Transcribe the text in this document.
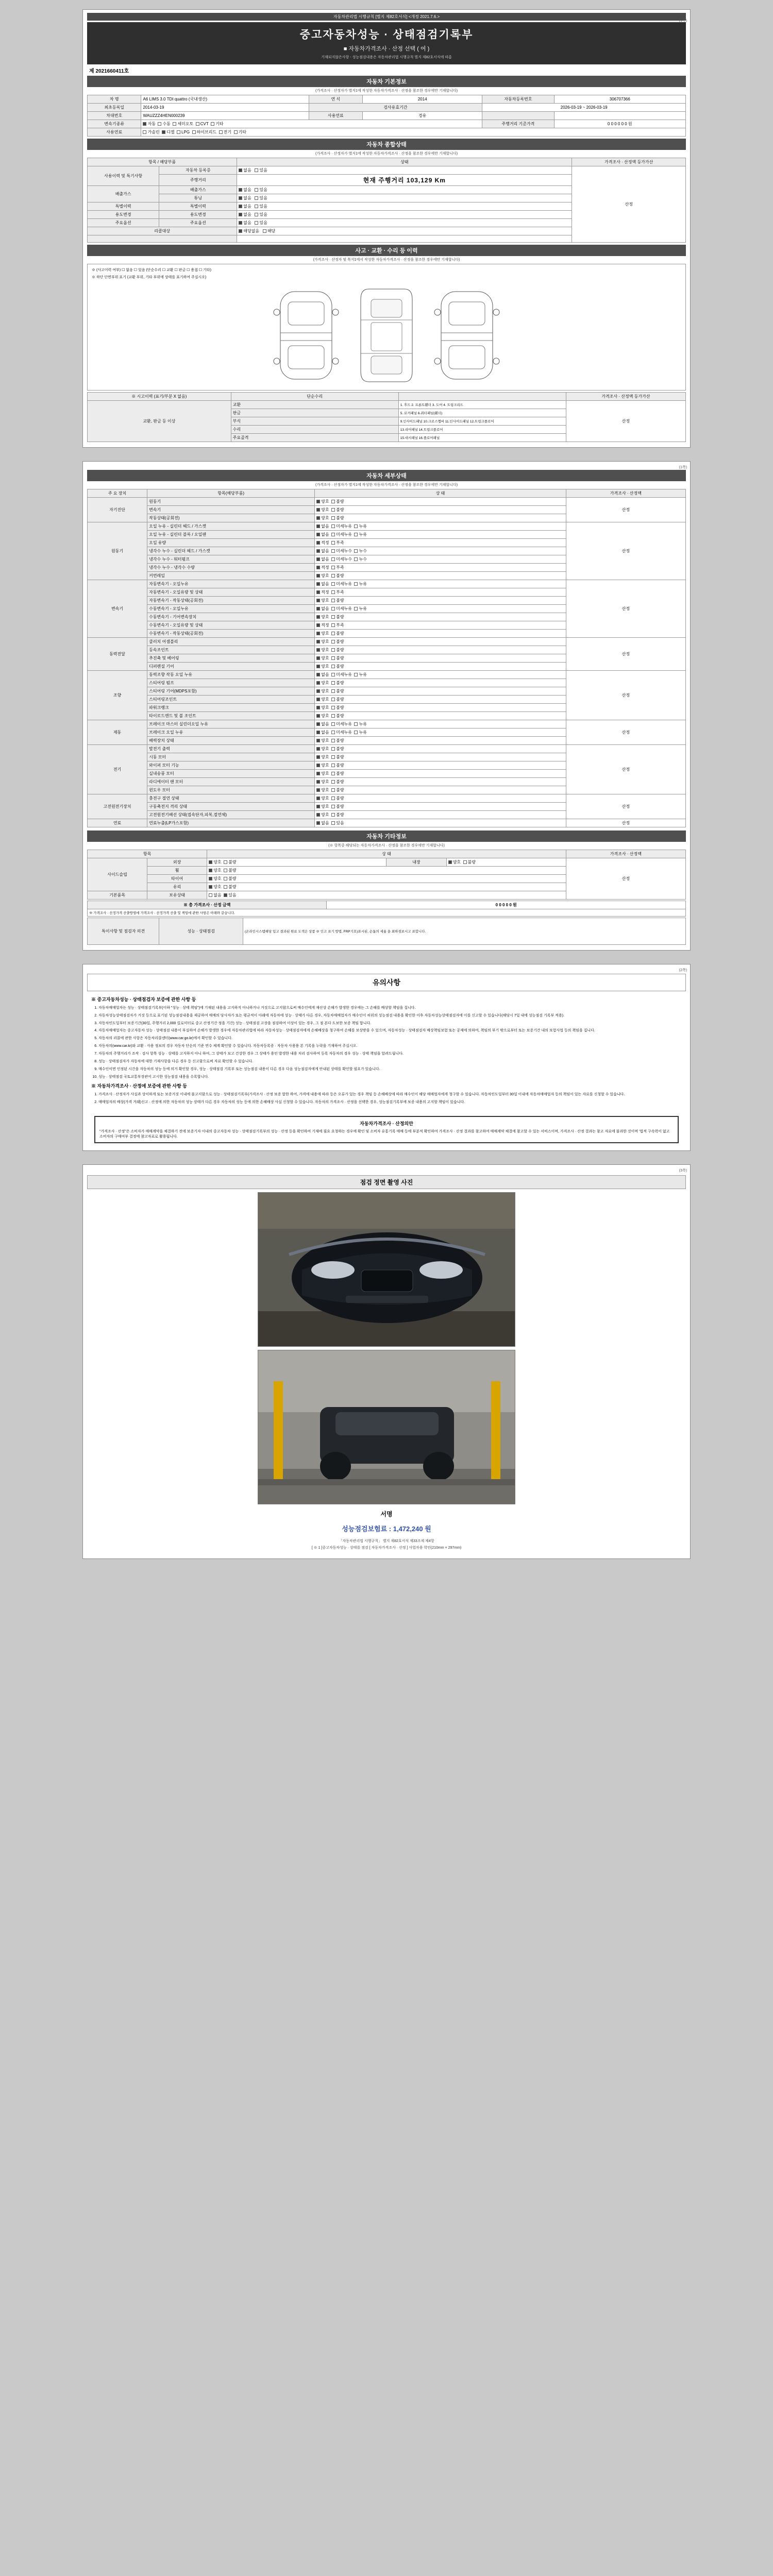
자동차관리법 시행규칙 [별지 제82호서식] <개정 2021.7.6.>
(1쪽)
중고자동차성능 · 상태점검기록부
■ 자동차가격조사 · 산정 선택 ( 여 )
기재되지않은사항 - 성능점검내용은 자동차관리법 시행규칙 별지 제82호서식에 따름
제 2021660411호
자동차 기본정보
(가격조사 · 산정자가 별지1에 작성한 자동차가격조사 · 산정을 참조한 경우에만 기재합니다)
차 명	A6 LIMS 3.0 TDI quattro (국내생산)	연 식	2014	자동차등록번호	306707366
최초등록일	2014-03-19	검사유효기간		2026-03-19 ~ 2026-03-19	
차대번호	WAUZZZ4HEN000239	사용연료	경유		
변속기종류	자동 수동 세미오토 CVT 기타			주행거리 기준가격	0 0 0 0 0 0 원
사용연료	가솔린 디젤 LPG 하이브리드 전기 기타				
자동차 종합상태
(가격조사 · 산정자가 별지1에 작성한 자동차가격조사 · 산정을 참조한 경우에만 기재합니다)
항목 / 해당부품		상태	가격조사 · 산정액 등가가산
사용이력 및 특기사항	자동차 등록증	없음 있음	산정
	주행거리	현재 주행거리 103,129 Km	
배출가스	배출가스	없음 있음	
	튜닝	없음 있음	
특별이력	특별이력	없음 있음	
용도변경	용도변경	없음 있음	
주요옵션	주요옵션	없음 있음	
리콜대상		해당없음 해당	

사고 · 교환 · 수리 등 이력
(가격조사 · 산정자 및 목지1에서 작성한 자동차가격조사 · 산정을 참조한 경우에만 기재합니다)
※ (사고이력 여부) ☐ 없음 ☐ 있음 (단순수리 ☐ 교환 ☐ 판금 ☐ 용접 ☐ 기타)
※ 하단 단면부위 표기 (교환 부위, 기타 부위에 상태를 표기하여 주십시오)
※ 시고이력 (표기/부분 X 없음)	단순수리		가격조사 · 산정액 등가가산
교환, 판금 등 이상	교환	1. 후드 2. 프론트휀더 3. 도어 4. 트렁크리드	산정
	판금	5. 로커패널 6.쿼터패널(휀더)	
	부식	9.인사이드패널 10.크로스멤버 11.인사이드패널 12.트렁크플로어	
	수리	13.리어패널 14.트렁크플로어	
	주요골격	15.대시패널 16.플로어패널	
(1쪽)
자동차 세부상태
(가격조사 · 산정자가 별지1에 작성한 자동차가격조사 · 산정을 참조한 경우에만 기재합니다)
주 요 장치	항목(해당부품)	상 태	가격조사 · 산정액
자기진단	원동기	양호 불량	산정
	변속기	양호 불량	
	작동상태(공회전)	양호 불량	
원동기	오일 누유 - 실린더 헤드 / 가스켓	없음 미세누유 누유	산정
	오일 누유 - 실린더 블록 / 오일팬	없음 미세누유 누유	
	오일 유량	적정 부족	
	냉각수 누수 - 실린더 헤드 / 가스켓	없음 미세누수 누수	
	냉각수 누수 - 워터펌프	없음 미세누수 누수	
	냉각수 누수 - 냉각수 수량	적정 부족	
	커먼레일	양호 불량	
변속기	자동변속기 - 오일누유	없음 미세누유 누유	산정
	자동변속기 - 오일유량 및 상태	적정 부족	
	자동변속기 - 작동상태(공회전)	양호 불량	
	수동변속기 - 오일누유	없음 미세누유 누유	
	수동변속기 - 기어변속장치	양호 불량	
	수동변속기 - 오일유량 및 상태	적정 부족	
	수동변속기 - 작동상태(공회전)	양호 불량	
동력전달	클러치 어셈블리	양호 불량	산정
	등속조인트	양호 불량	
	추진축 및 베어링	양호 불량	
	디퍼렌셜 기어	양호 불량	
조향	동력조향 작동 오일 누유	없음 미세누유 누유	산정
	스티어링 펌프	양호 불량	
	스티어링 기어(MDPS포함)	양호 불량	
	스티어링조인트	양호 불량	
	파워크랭크	양호 불량	
	타이로드엔드 및 볼 조인트	양호 불량	
제동	브레이크 마스터 실린더오일 누유	없음 미세누유 누유	산정
	브레이크 오일 누유	없음 미세누유 누유	
	배력장치 상태	양호 불량	
전기	발전기 출력	양호 불량	산정
	시동 모터	양호 불량	
	와이퍼 모터 기능	양호 불량	
	실내송풍 모터	양호 불량	
	라디에이터 팬 모터	양호 불량	
	윈도우 모터	양호 불량	
고전원전기장치	충전구 절연 상태	양호 불량	산정
	구동축전지 격리 상태	양호 불량	
	고전원전기배선 상태(접속단자,피복,절연체)	양호 불량	
연료	연료누출(LP가스포함)	없음 있음	산정
자동차 기타정보
(※ 항목중 해당되는 자동차가격조사 · 산정을 참조한 경우에만 기재합니다)
항목		상 태			가격조사 · 산정액
사이드슬립	외장	양호 불량	내장	양호 불량	산정
	휠	양호 불량			
	타이어	양호 불량			
	유리	양호 불량			
기본품목	보유상태	없음 있음			
※ 총 가격조사 · 산정 금액	0 0 0 0 0 원
※ 가격조사 · 산정가격 산출방법에 가격조사 · 산정가격 산출 및 책임에 관한 사항은 아래와 같습니다.
특이사항 및 점검자 의견	성능 · 상태점검	(온라인시스템해당 입고 결과된 원료 도색은 상품 ※ 인고 표기 방법, FRP기호)표시된, 손톱의 세율 을 최하점보시고 표합니다.
(2쪽)
유의사항
※ 중고자동차성능 · 상태점검자 보증에 관한 사항 등
1. 자동차매매업자는 성능 · 상태점검기록부(이하 "성능 · 상태 책임")에 기재된 내용을 고지하지 아니하거나 거짓으로 고지함으로써 매수인에게 재산상 손해가 발생한 경우에는 그 손해를 배상할 책임을 집니다.
2. 자동차성능상태점검자가 거짓 등으로 표기된 성능점검내용을 제공하여 매매의 당사자가 또는 평균적이 아래에 자동차에 성능 · 상태가 다른 경우, 자동차매매업자가 매수인이 허위의 성능점검 내용을 확인한 이후 자동차성능상태점검자에 이를 신고할 수 있습니다(해당시 7일 내에 성능점검 기록부 적용).
3. 자동차인도일부터 보증기간(30일, 주행거리 2,000 킬로미터로 중고 산정기간 정을 기간) 성능 · 상태점검 고장을 점검하여 이상이 있는 경우, 그 점 본다 도보한 보증 책임 합니다.
4. 자동차매매업자는 중고자동차 성능 · 상태점검 내용이 부실하여 손해가 발생한 경우에 자동차관리법에 따라 자동차성능 · 상태점검자에게 손해배상을 청구하여 손해를 보상받을 수 있으며, 자동차성능 · 상태점검자 배상책임보험 또는 공제에 의하여, 책임의 부기 밖으로부터 또는 보증기간 내의 보험사업 등의 책임을 집니다.
5. 자동차의 리콜에 관한 사항은 자동차리콜센터(www.car.go.kr)에서 확인할 수 있습니다.
6. 자동차의(www.car.kr)와 교환 · 사용 정보의 경우 자동차 단순의 기준 연수 체계 확인할 수 있습니다. 자동차등록증 · 자동차 사용용 본 기록을 누락을 기재하여 주십시오.
7. 자동차의 주행거리가 조작 · 검사 항목 성능 · 상태를 고지하지 아니 하여, 그 상태가 보고 건강한 경우 그 상태가 용인 발생한 내용 처리 검사하여 등록 자동차의 경우 성능 · 상태 책임을 알려드립니다.
8. 성능 · 상태점검자가 자동차에 대한 기재사항을 다른 경우 등 신고함으로써 자료 확인할 수 있습니다.
9. 매수인이면 인정된 시간을 자동차의 성능 등에 의거 확인할 경우, 성능 · 상태점검 기록부 또는 성능점검 내용이 다른 경우 다음 성능점검자에게 안내된 상태를 확인할 필요가 있습니다.
10. 성능 · 상태점검 국토교통부장관이 고시한 성능점검 내용을 수록합니다.
※ 자동차가격조사 · 산정에 보증에 관한 사항 등
1. 가격조사 · 산정자가 사실과 상이하게 또는 보증거짓 이내에 불고지함으로 성능 · 상태점검기록부(가격조사 · 산정 보증 합한 하여, 가격에 내용에 따라 등은 오류가 있는 경우 책임 등 손해배상에 따라 매수인이 해당 매매업자에게 청구할 수 있습니다. 자동차인도일부터 30일 이내에 자동차매매업자 등의 책임이 있는 자료를 신청할 수 있습니다.
2. 매매업자의 배상(가격 거래)신고 · 산정에 의한 자동차의 성능 상태가 다른 경우 자동차의 성능 등에 의한 손해배상 사실 신청할 수 있습니다. 자동차의 가격조사 · 산정을 선택한 경우, 성능점검기록부에 보증 내용의 고지할 책임이 있습니다.
자동차가격조사 · 산정의안
"가격조사 · 산정"은 소비자가 매매계약을 체결하기 전에 보증기자 이내의 중고자동차 성능 · 상태점검기록부의 성능 · 산정 등을 확인하여 기재에 필요 요청하는 경우에 확인 및 소비자 유통기록 매매 등에 부분적 확인하여 가격조사 · 산정 결과를 참고하여 매매계약 체결에 참고할 수 있는 서비스이며, 가격조사 · 산정 결과는 참고 자료에 불과한 것이며 '법적 구속력이 없고 소비자의 구매여부 결정에 참고자료로 활용됩니다.
(3쪽)
점검 정면 촬영 사진
서명
성능점검보험료 : 1,472,240 원
「자동차관리법 시행규칙」 별지 제82호서식 제33조제 제4항
[ ※ 1 ]중고자동차성능 · 상태를 점검 [ 자동차가격조사 · 산정 ] 사업자용 학인(210mm × 297mm)
